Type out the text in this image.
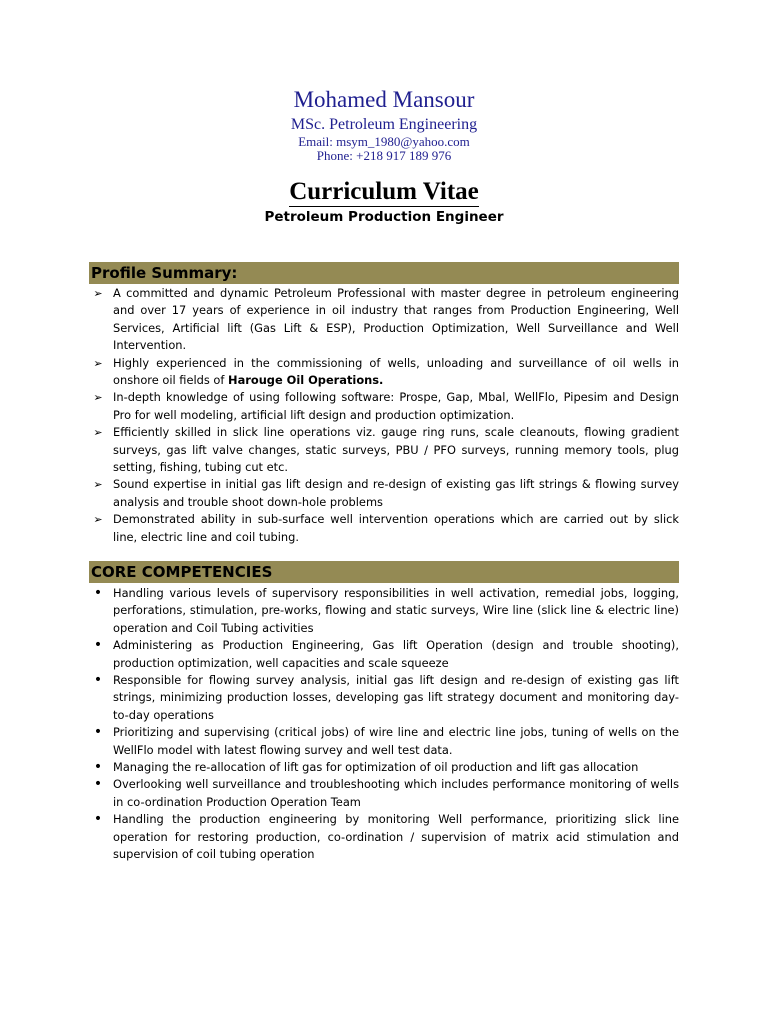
Mohamed Mansour
MSc. Petroleum Engineering
Email: msym_1980@yahoo.com
Phone: +218 917 189 976
Curriculum Vitae
Petroleum Production Engineer
Profile Summary:
➢ A committed and dynamic Petroleum Professional with master degree in petroleum engineering and over 17 years of experience in oil industry that ranges from Production Engineering, Well Services, Artificial lift (Gas Lift & ESP), Production Optimization, Well Surveillance and Well Intervention.
➢ Highly experienced in the commissioning of wells, unloading and surveillance of oil wells in onshore oil fields of Harouge Oil Operations.
➢ In-depth knowledge of using following software: Prospe, Gap, Mbal, WellFlo, Pipesim and Design Pro for well modeling, artificial lift design and production optimization.
➢ Efficiently skilled in slick line operations viz. gauge ring runs, scale cleanouts, flowing gradient surveys, gas lift valve changes, static surveys, PBU / PFO surveys, running memory tools, plug setting, fishing, tubing cut etc.
➢ Sound expertise in initial gas lift design and re-design of existing gas lift strings & flowing survey analysis and trouble shoot down-hole problems
➢ Demonstrated ability in sub-surface well intervention operations which are carried out by slick line, electric line and coil tubing.
CORE COMPETENCIES
• Handling various levels of supervisory responsibilities in well activation, remedial jobs, logging, perforations, stimulation, pre-works, flowing and static surveys, Wire line (slick line & electric line) operation and Coil Tubing activities
• Administering as Production Engineering, Gas lift Operation (design and trouble shooting), production optimization, well capacities and scale squeeze
• Responsible for flowing survey analysis, initial gas lift design and re-design of existing gas lift strings, minimizing production losses, developing gas lift strategy document and monitoring day-to-day operations
• Prioritizing and supervising (critical jobs) of wire line and electric line jobs, tuning of wells on the WellFlo model with latest flowing survey and well test data.
• Managing the re-allocation of lift gas for optimization of oil production and lift gas allocation
• Overlooking well surveillance and troubleshooting which includes performance monitoring of wells in co-ordination Production Operation Team
• Handling the production engineering by monitoring Well performance, prioritizing slick line operation for restoring production, co-ordination / supervision of matrix acid stimulation and supervision of coil tubing operation
